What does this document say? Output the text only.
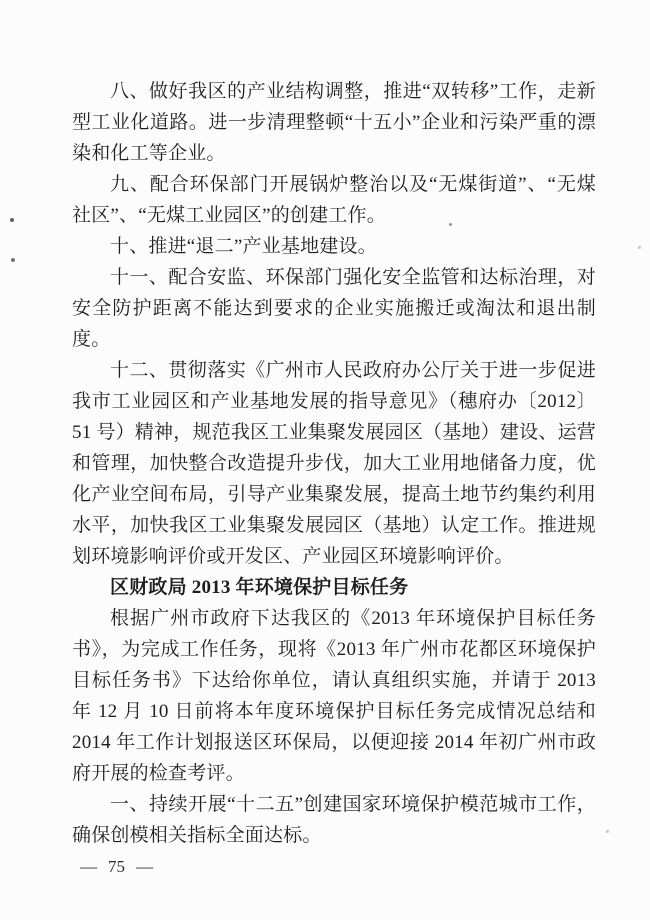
八、做好我区的产业结构调整，推进“双转移”工作，走新型工业化道路。进一步清理整顿“十五小”企业和污染严重的漂染和化工等企业。

九、配合环保部门开展锅炉整治以及“无煤街道”、“无煤社区”、“无煤工业园区”的创建工作。

十、推进“退二”产业基地建设。

十一、配合安监、环保部门强化安全监管和达标治理，对安全防护距离不能达到要求的企业实施搬迁或淘汰和退出制度。

十二、贯彻落实《广州市人民政府办公厅关于进一步促进我市工业园区和产业基地发展的指导意见》（穗府办〔2012〕51 号）精神，规范我区工业集聚发展园区（基地）建设、运营和管理，加快整合改造提升步伐，加大工业用地储备力度，优化产业空间布局，引导产业集聚发展，提高土地节约集约利用水平，加快我区工业集聚发展园区（基地）认定工作。推进规划环境影响评价或开发区、产业园区环境影响评价。

区财政局 2013 年环境保护目标任务

根据广州市政府下达我区的《2013 年环境保护目标任务书》，为完成工作任务，现将《2013 年广州市花都区环境保护目标任务书》下达给你单位，请认真组织实施，并请于 2013 年 12 月 10 日前将本年度环境保护目标任务完成情况总结和 2014 年工作计划报送区环保局，以便迎接 2014 年初广州市政府开展的检查考评。

一、持续开展“十二五”创建国家环境保护模范城市工作，确保创模相关指标全面达标。

— 75 —
